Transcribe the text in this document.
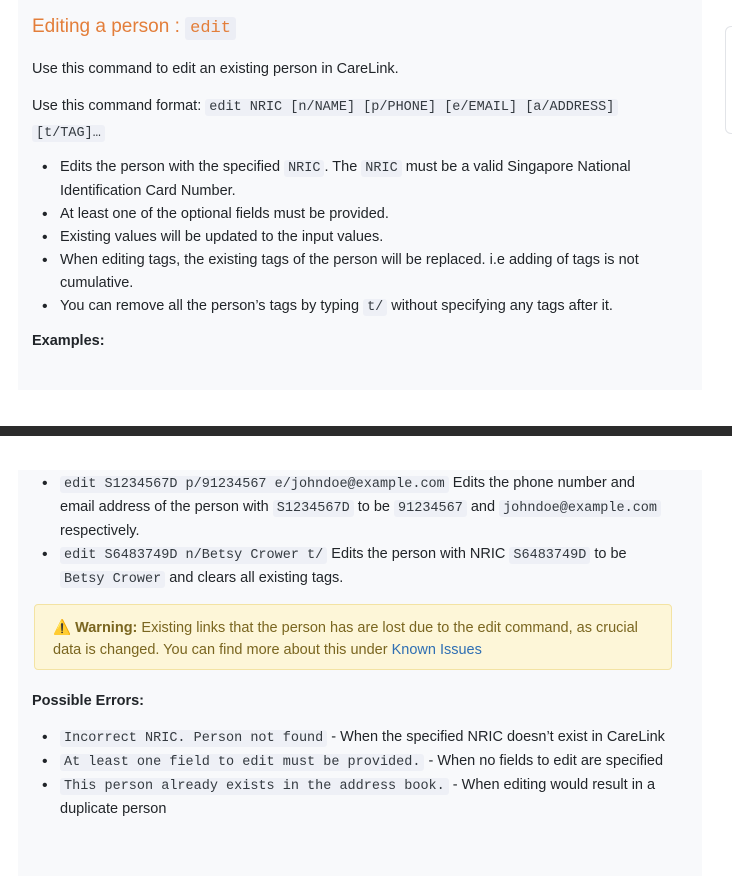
Editing a person : edit

Use this command to edit an existing person in CareLink.

Use this command format: edit NRIC [n/NAME] [p/PHONE] [e/EMAIL] [a/ADDRESS]
[t/TAG]…

• Edits the person with the specified NRIC . The NRIC must be a valid Singapore National Identification Card Number.
• At least one of the optional fields must be provided.
• Existing values will be updated to the input values.
• When editing tags, the existing tags of the person will be replaced. i.e adding of tags is not cumulative.
• You can remove all the person’s tags by typing t/ without specifying any tags after it.

Examples:

• edit S1234567D p/91234567 e/johndoe@example.com Edits the phone number and email address of the person with S1234567D to be 91234567 and johndoe@example.com respectively.
• edit S6483749D n/Betsy Crower t/ Edits the person with NRIC S6483749D to be Betsy Crower and clears all existing tags.
⚠️ Warning: Existing links that the person has are lost due to the edit command, as crucial data is changed. You can find more about this under Known Issues

Possible Errors:

• Incorrect NRIC. Person not found - When the specified NRIC doesn’t exist in CareLink
• At least one field to edit must be provided. - When no fields to edit are specified
• This person already exists in the address book. - When editing would result in a duplicate person
